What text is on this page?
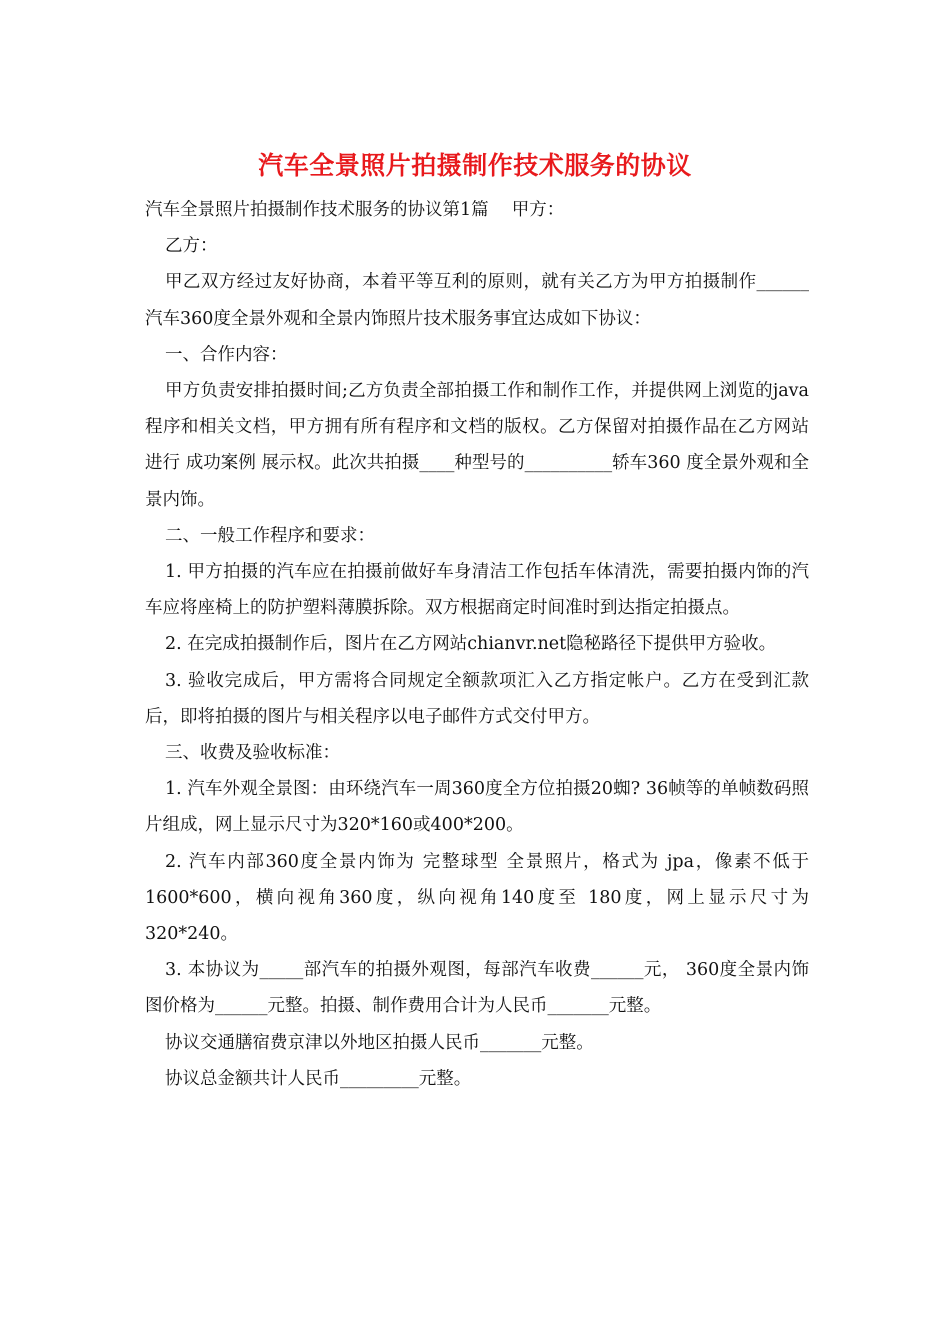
汽车全景照片拍摄制作技术服务的协议

汽车全景照片拍摄制作技术服务的协议第1篇　 甲方：

乙方：

甲乙双方经过友好协商，本着平等互利的原则，就有关乙方为甲方拍摄制作______汽车360度全景外观和全景内饰照片技术服务事宜达成如下协议：

一、合作内容：

甲方负责安排拍摄时间;乙方负责全部拍摄工作和制作工作，并提供网上浏览的java程序和相关文档，甲方拥有所有程序和文档的版权。乙方保留对拍摄作品在乙方网站进行 成功案例 展示权。此次共拍摄____种型号的__________轿车360 度全景外观和全景内饰。

二、一般工作程序和要求：

1. 甲方拍摄的汽车应在拍摄前做好车身清洁工作包括车体清洗，需要拍摄内饰的汽车应将座椅上的防护塑料薄膜拆除。双方根据商定时间准时到达指定拍摄点。

2. 在完成拍摄制作后，图片在乙方网站chianvr.net隐秘路径下提供甲方验收。

3. 验收完成后，甲方需将合同规定全额款项汇入乙方指定帐户。乙方在受到汇款后，即将拍摄的图片与相关程序以电子邮件方式交付甲方。

三、收费及验收标准：

1. 汽车外观全景图：由环绕汽车一周360度全方位拍摄20蜘? 36帧等的单帧数码照片组成，网上显示尺寸为320*160或400*200。

2. 汽车内部360度全景内饰为 完整球型 全景照片，格式为 jpa，像素不低于1600*600，横向视角360度，纵向视角140度至 180度，网上显示尺寸为320*240。

3. 本协议为_____部汽车的拍摄外观图，每部汽车收费______元， 360度全景内饰图价格为______元整。拍摄、制作费用合计为人民币_______元整。

协议交通膳宿费京津以外地区拍摄人民币_______元整。

协议总金额共计人民币_________元整。
